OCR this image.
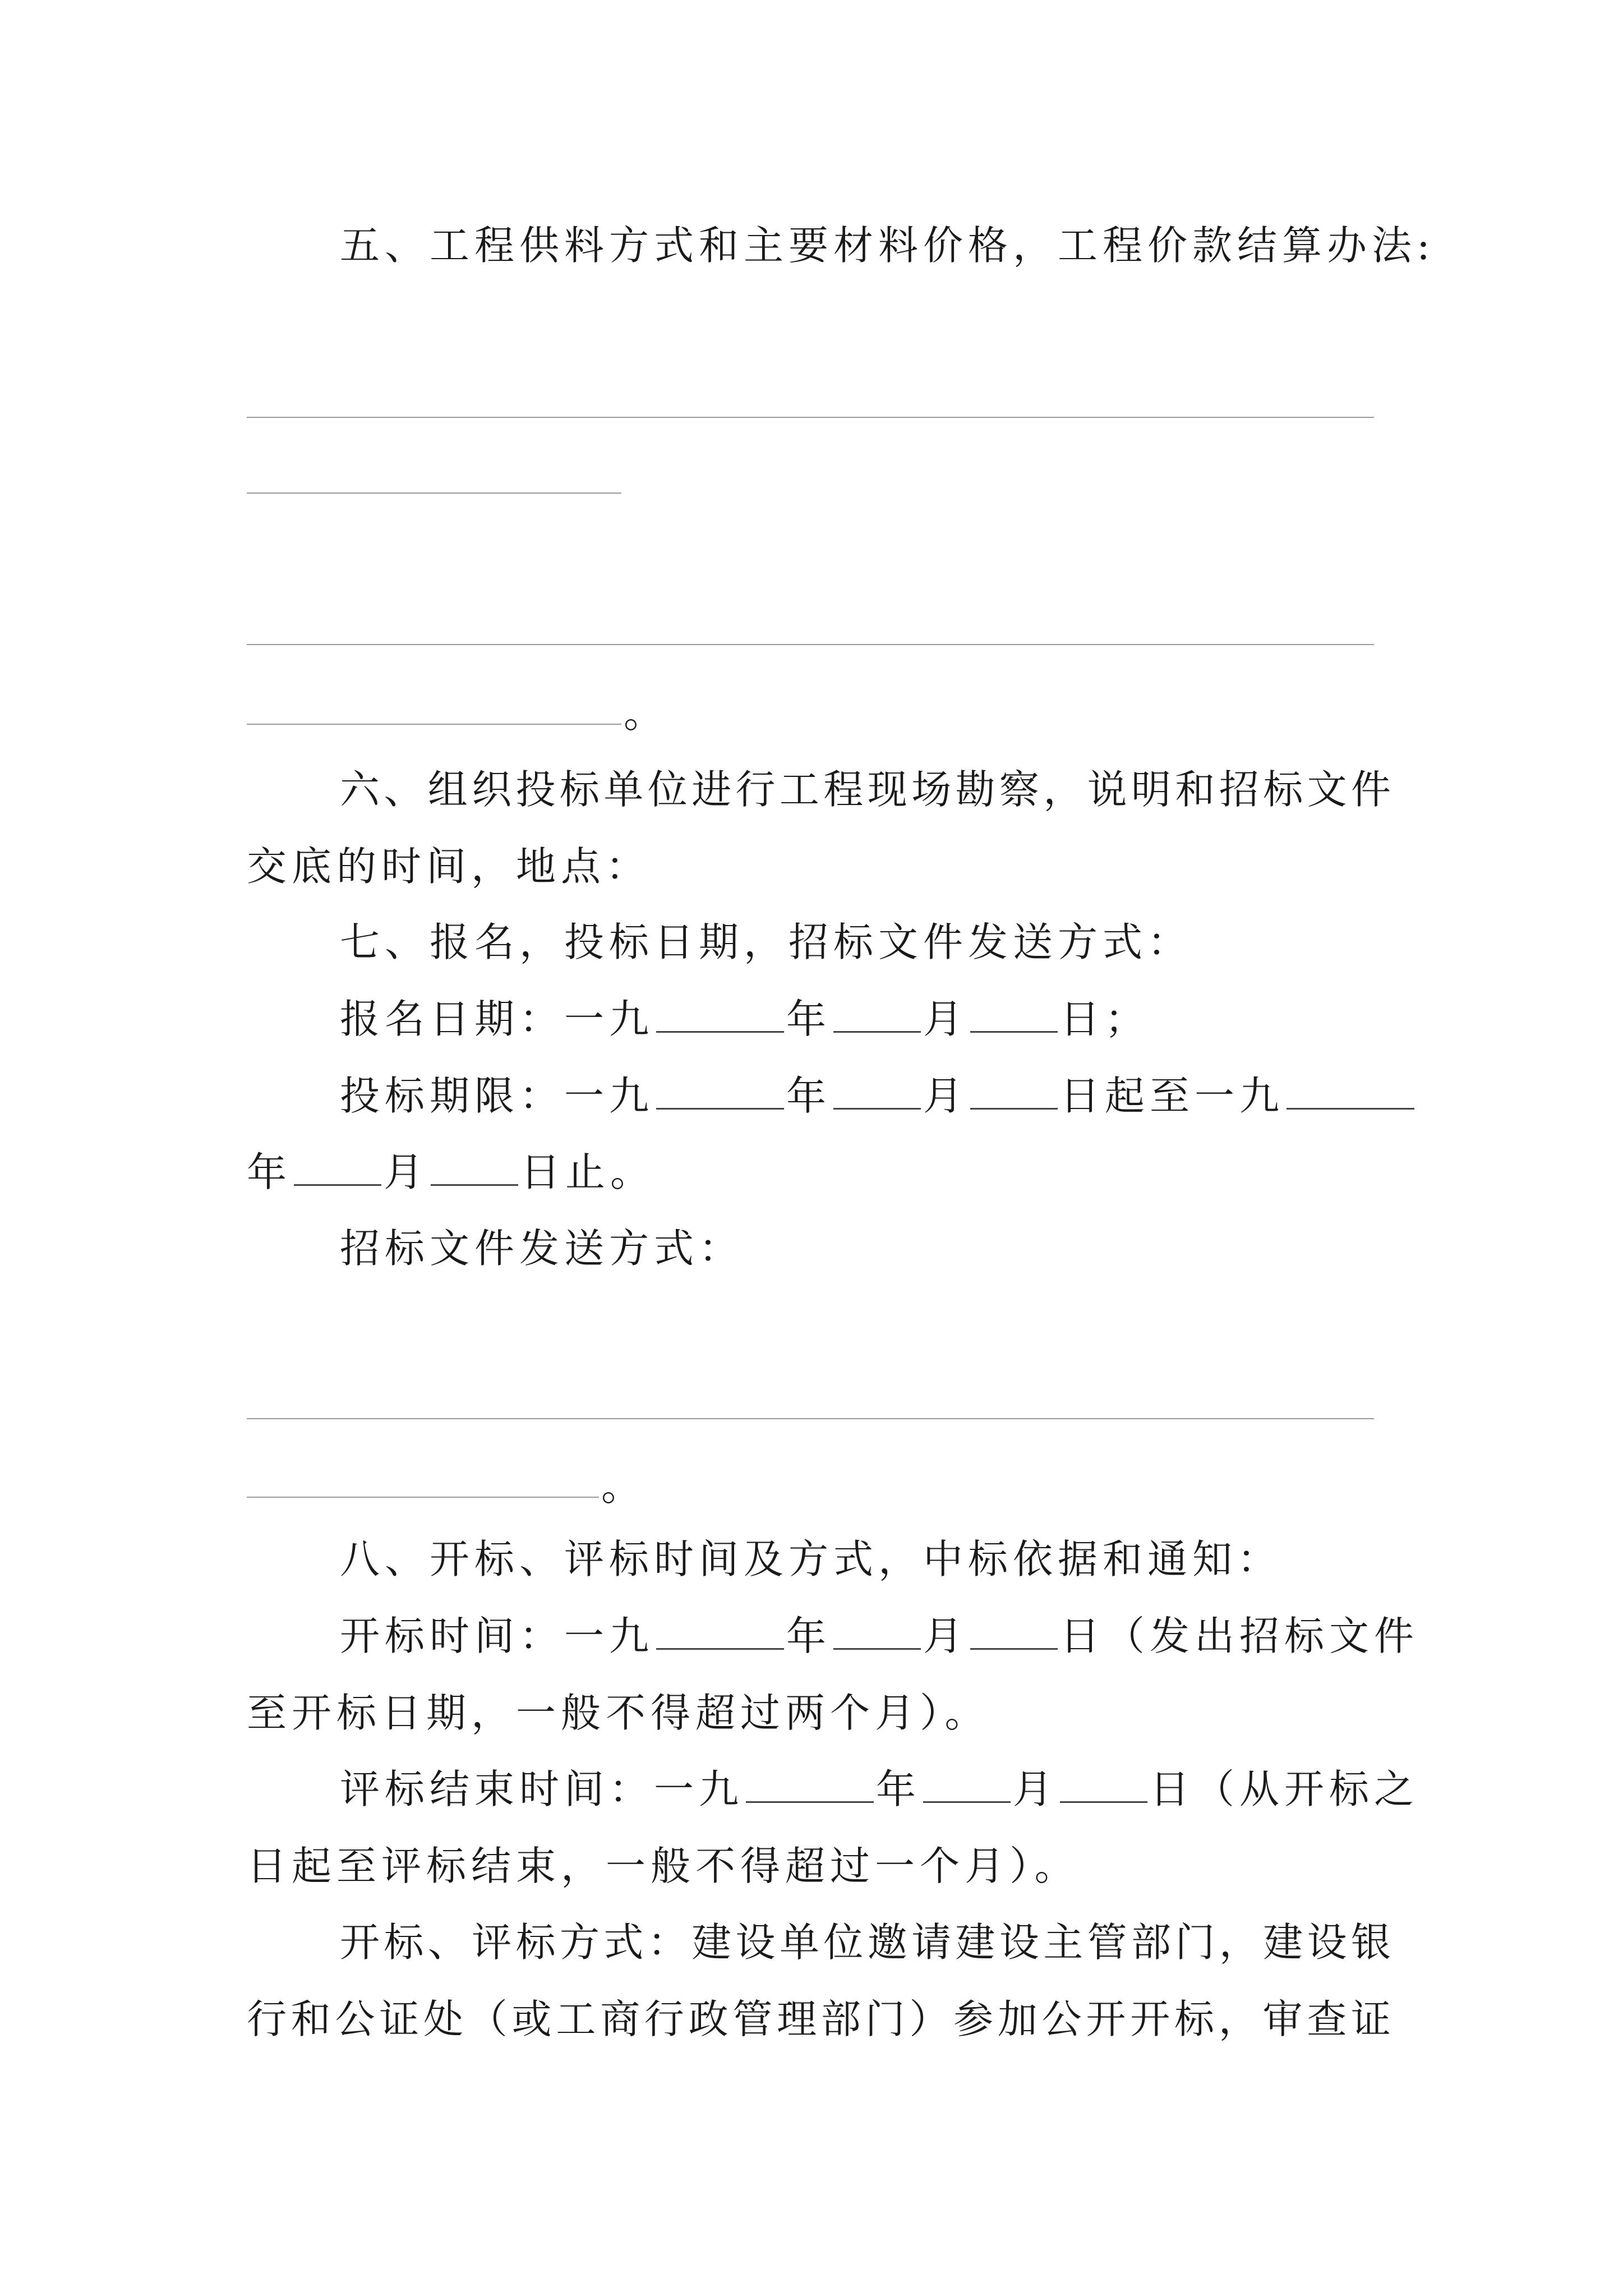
五、工程供料方式和主要材料价格，工程价款结算办法:
。
六、组织投标单位进行工程现场勘察，说明和招标文件
交底的时间，地点：
七、报名，投标日期，招标文件发送方式：
报名日期：一九	年 月 日；
投标期限：一九	年 月 日起至一九
年 月 日止。
招标文件发送方式：
。
八、开标、评标时间及方式，中标依据和通知：
开标时间：一九	年 月 日（发出招标文件
至开标日期，一般不得超过两个月）。
评标结束时间：一九	年 月 日（从开标之
日起至评标结束，一般不得超过一个月）。
开标、评标方式：建设单位邀请建设主管部门，建设银
行和公证处（或工商行政管理部门）参加公开开标，审查证
